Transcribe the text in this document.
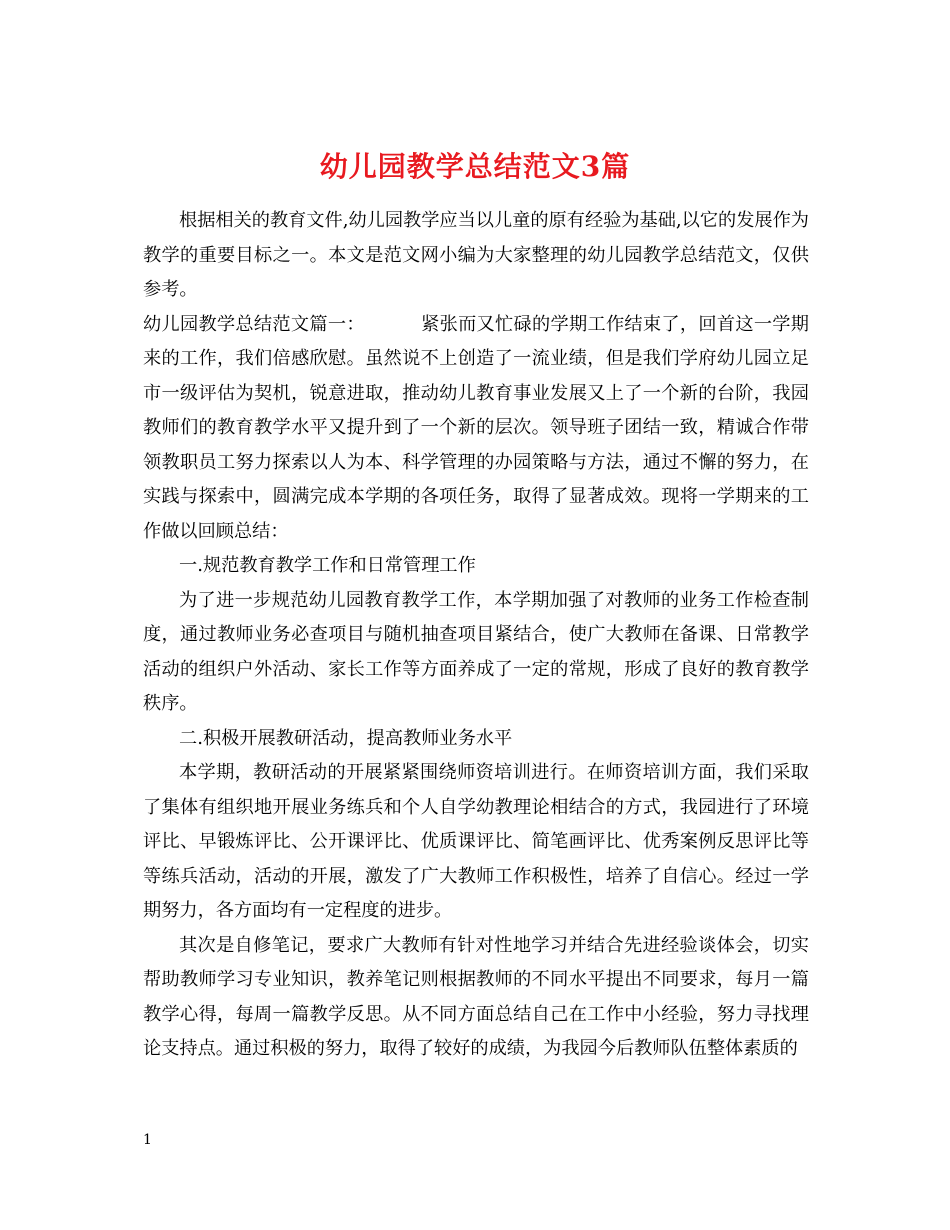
幼儿园教学总结范文3篇

根据相关的教育文件,幼儿园教学应当以儿童的原有经验为基础,以它的发展作为教学的重要目标之一。本文是范文网小编为大家整理的幼儿园教学总结范文，仅供参考。

幼儿园教学总结范文篇一：	紧张而又忙碌的学期工作结束了，回首这一学期来的工作，我们倍感欣慰。虽然说不上创造了一流业绩，但是我们学府幼儿园立足市一级评估为契机，锐意进取，推动幼儿教育事业发展又上了一个新的台阶，我园教师们的教育教学水平又提升到了一个新的层次。领导班子团结一致，精诚合作带领教职员工努力探索以人为本、科学管理的办园策略与方法，通过不懈的努力，在实践与探索中，圆满完成本学期的各项任务，取得了显著成效。现将一学期来的工作做以回顾总结：

一.规范教育教学工作和日常管理工作

为了进一步规范幼儿园教育教学工作，本学期加强了对教师的业务工作检查制度，通过教师业务必查项目与随机抽查项目紧结合，使广大教师在备课、日常教学活动的组织户外活动、家长工作等方面养成了一定的常规，形成了良好的教育教学秩序。

二.积极开展教研活动，提高教师业务水平

本学期，教研活动的开展紧紧围绕师资培训进行。在师资培训方面，我们采取了集体有组织地开展业务练兵和个人自学幼教理论相结合的方式，我园进行了环境评比、早锻炼评比、公开课评比、优质课评比、简笔画评比、优秀案例反思评比等等练兵活动，活动的开展，激发了广大教师工作积极性，培养了自信心。经过一学期努力，各方面均有一定程度的进步。

其次是自修笔记，要求广大教师有针对性地学习并结合先进经验谈体会，切实帮助教师学习专业知识，教养笔记则根据教师的不同水平提出不同要求，每月一篇教学心得，每周一篇教学反思。从不同方面总结自己在工作中小经验，努力寻找理论支持点。通过积极的努力，取得了较好的成绩，为我园今后教师队伍整体素质的

1
